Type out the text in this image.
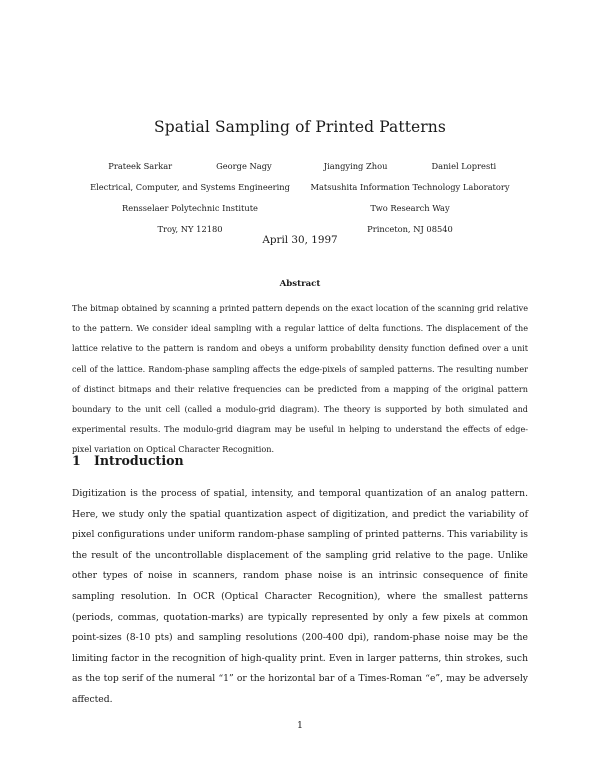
Spatial Sampling of Printed Patterns
Prateek Sarkar	George Nagy
Electrical, Computer, and Systems Engineering
Rensselaer Polytechnic Institute
Troy, NY 12180
Jiangying Zhou	Daniel Lopresti
Matsushita Information Technology Laboratory
Two Research Way
Princeton, NJ 08540
April 30, 1997
Abstract
The bitmap obtained by scanning a printed pattern depends on the exact location of the scanning grid relative to the pattern. We consider ideal sampling with a regular lattice of delta functions. The displacement of the lattice relative to the pattern is random and obeys a uniform probability density function defined over a unit cell of the lattice. Random-phase sampling affects the edge-pixels of sampled patterns. The resulting number of distinct bitmaps and their relative frequencies can be predicted from a mapping of the original pattern boundary to the unit cell (called a modulo-grid diagram). The theory is supported by both simulated and experimental results. The modulo-grid diagram may be useful in helping to understand the effects of edge-pixel variation on Optical Character Recognition.
1 Introduction
Digitization is the process of spatial, intensity, and temporal quantization of an analog pattern. Here, we study only the spatial quantization aspect of digitization, and predict the variability of pixel configurations under uniform random-phase sampling of printed patterns. This variability is the result of the uncontrollable displacement of the sampling grid relative to the page. Unlike other types of noise in scanners, random phase noise is an intrinsic consequence of finite sampling resolution. In OCR (Optical Character Recognition), where the smallest patterns (periods, commas, quotation-marks) are typically represented by only a few pixels at common point-sizes (8-10 pts) and sampling resolutions (200-400 dpi), random-phase noise may be the limiting factor in the recognition of high-quality print. Even in larger patterns, thin strokes, such as the top serif of the numeral “1” or the horizontal bar of a Times-Roman “e”, may be adversely affected.
1
